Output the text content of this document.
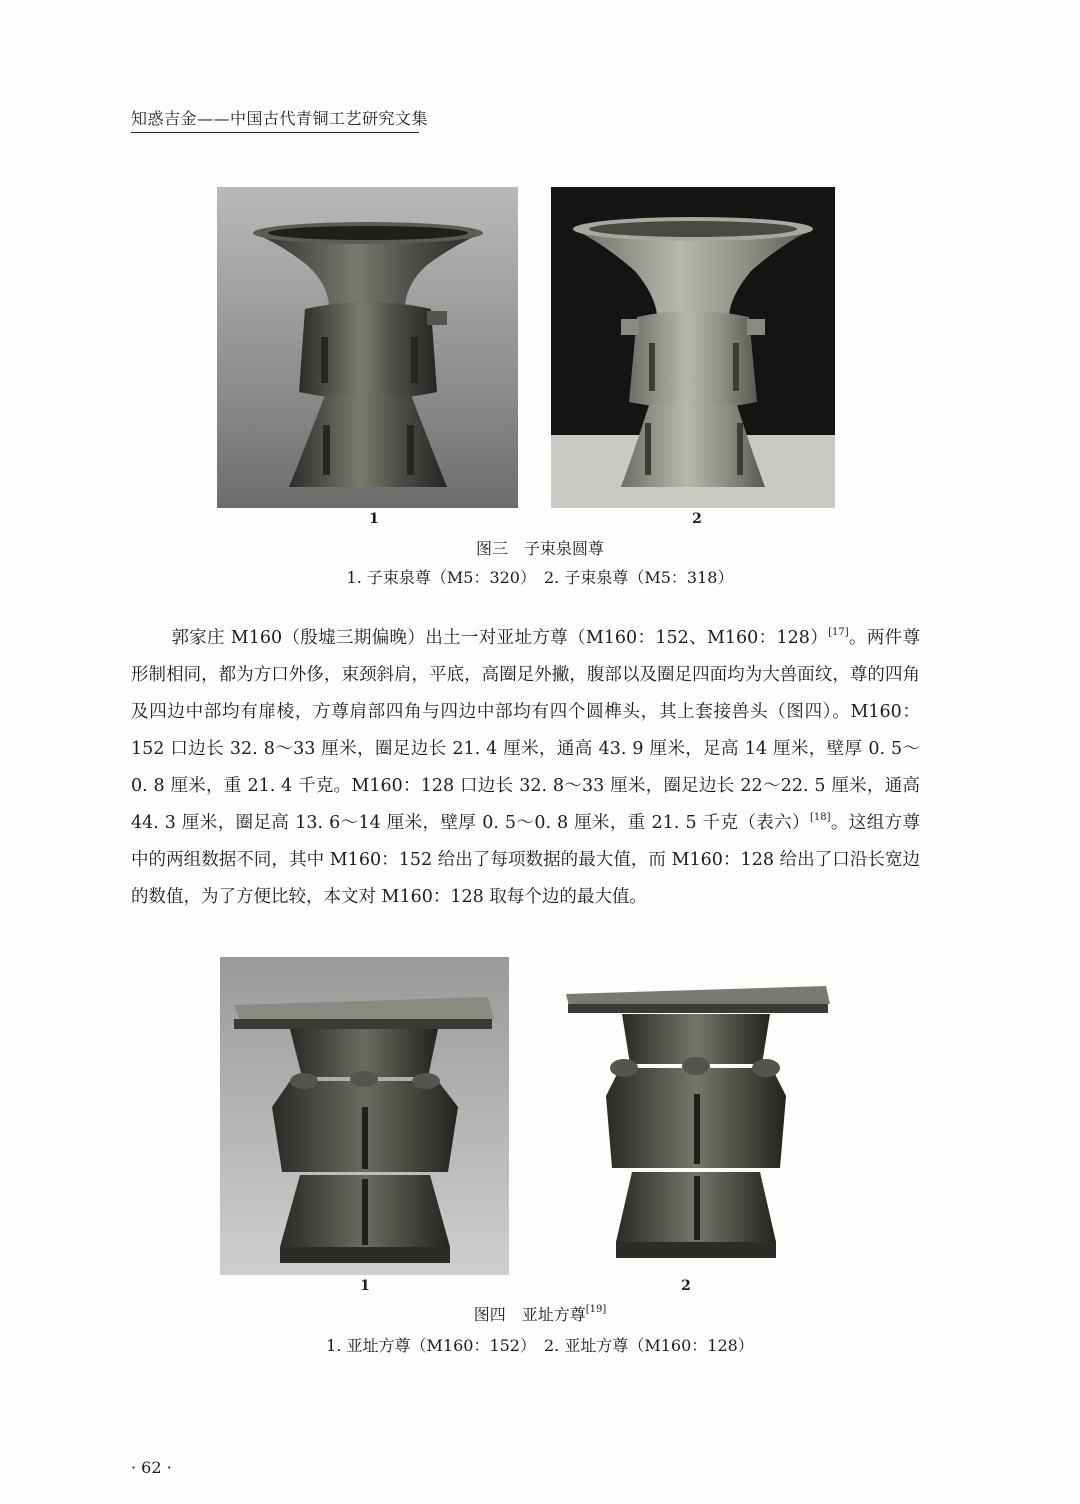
知惑吉金——中国古代青铜工艺研究文集
1	2
图三　子束泉圆尊
1. 子束泉尊（M5：320）　2. 子束泉尊（M5：318）

郭家庄 M160（殷墟三期偏晚）出土一对亚址方尊（M160：152、M160：128）[17]。两件尊形制相同，都为方口外侈，束颈斜肩，平底，高圈足外撇，腹部以及圈足四面均为大兽面纹，尊的四角及四边中部均有扉棱，方尊肩部四角与四边中部均有四个圆榫头，其上套接兽头（图四）。M160：152 口边长 32. 8～33 厘米，圈足边长 21. 4 厘米，通高 43. 9 厘米，足高 14 厘米，壁厚 0. 5～0. 8 厘米，重 21. 4 千克。M160：128 口边长 32. 8～33 厘米，圈足边长 22～22. 5 厘米，通高 44. 3 厘米，圈足高 13. 6～14 厘米，壁厚 0. 5～0. 8 厘米，重 21. 5 千克（表六）[18]。这组方尊中的两组数据不同，其中 M160：152 给出了每项数据的最大值，而 M160：128 给出了口沿长宽边的数值，为了方便比较，本文对 M160：128 取每个边的最大值。

1	2
图四　亚址方尊[19]
1. 亚址方尊（M160：152）　2. 亚址方尊（M160：128）
· 62 ·
